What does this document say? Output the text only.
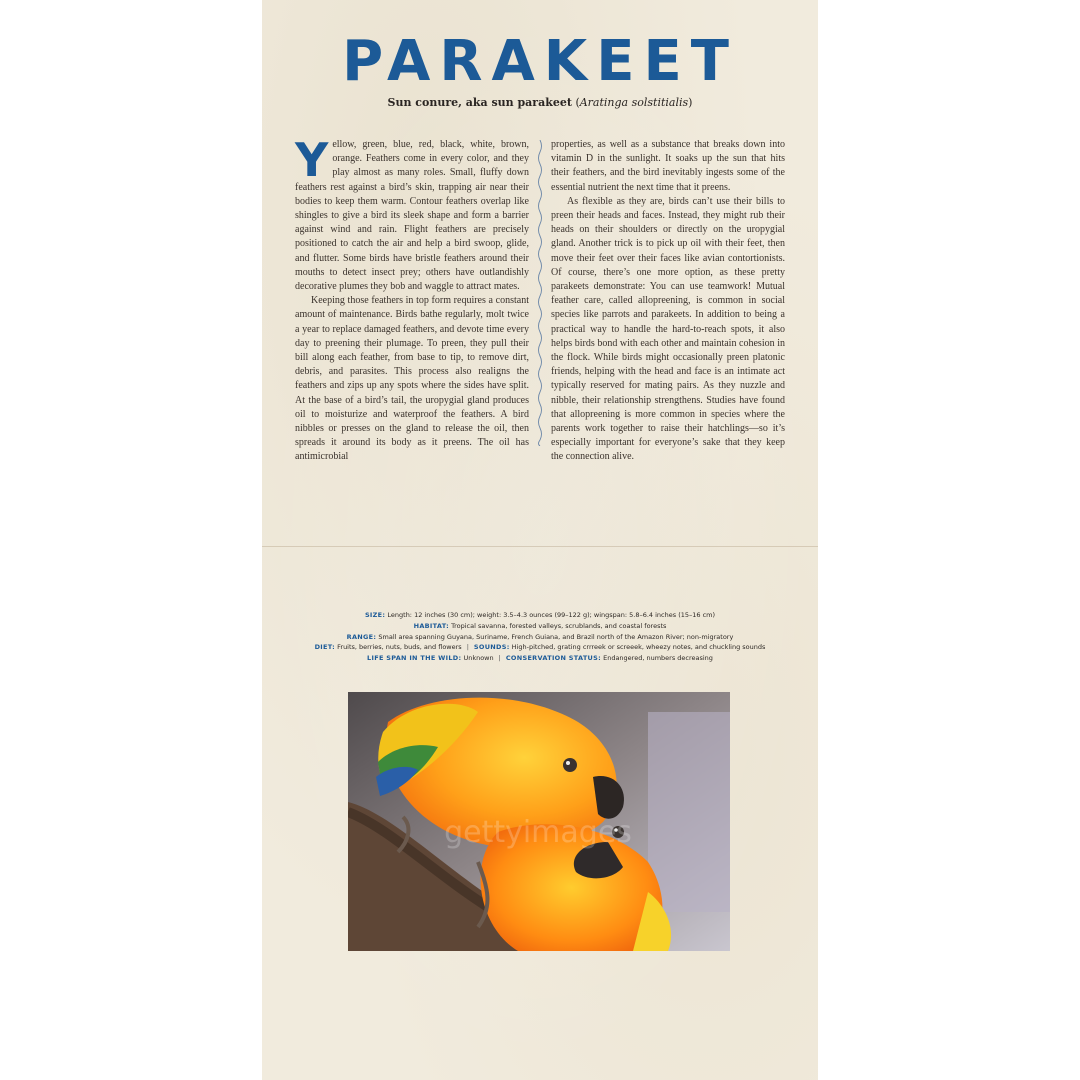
PARAKEET
Sun conure, aka sun parakeet (Aratinga solstitialis)

Yellow, green, blue, red, black, white, brown, orange. Feathers come in every color, and they play almost as many roles. Small, fluffy down feathers rest against a bird’s skin, trapping air near their bodies to keep them warm. Contour feathers overlap like shingles to give a bird its sleek shape and form a barrier against wind and rain. Flight feathers are precisely positioned to catch the air and help a bird swoop, glide, and flutter. Some birds have bristle feathers around their mouths to detect insect prey; others have outlandishly decorative plumes they bob and waggle to attract mates.

Keeping those feathers in top form requires a constant amount of maintenance. Birds bathe regularly, molt twice a year to replace damaged feathers, and devote time every day to preening their plumage. To preen, they pull their bill along each feather, from base to tip, to remove dirt, debris, and parasites. This process also realigns the feathers and zips up any spots where the sides have split. At the base of a bird’s tail, the uropygial gland produces oil to moisturize and waterproof the feathers. A bird nibbles or presses on the gland to release the oil, then spreads it around its body as it preens. The oil has antimicrobial

properties, as well as a substance that breaks down into vitamin D in the sunlight. It soaks up the sun that hits their feathers, and the bird inevitably ingests some of the essential nutrient the next time that it preens.

As flexible as they are, birds can’t use their bills to preen their heads and faces. Instead, they might rub their heads on their shoulders or directly on the uropygial gland. Another trick is to pick up oil with their feet, then move their feet over their faces like avian contortionists. Of course, there’s one more option, as these pretty parakeets demonstrate: You can use teamwork! Mutual feather care, called allopreening, is common in social species like parrots and parakeets. In addition to being a practical way to handle the hard-to-reach spots, it also helps birds bond with each other and maintain cohesion in the flock. While birds might occasionally preen platonic friends, helping with the head and face is an intimate act typically reserved for mating pairs. As they nuzzle and nibble, their relationship strengthens. Studies have found that allopreening is more common in species where the parents work together to raise their hatchlings—so it’s especially important for everyone’s sake that they keep the connection alive.

SIZE: Length: 12 inches (30 cm); weight: 3.5–4.3 ounces (99–122 g); wingspan: 5.8–6.4 inches (15–16 cm)
HABITAT: Tropical savanna, forested valleys, scrublands, and coastal forests
RANGE: Small area spanning Guyana, Suriname, French Guiana, and Brazil north of the Amazon River; non-migratory
DIET: Fruits, berries, nuts, buds, and flowers | SOUNDS: High-pitched, grating crrreek or screeek, wheezy notes, and chuckling sounds
LIFE SPAN IN THE WILD: Unknown | CONSERVATION STATUS: Endangered, numbers decreasing
gettyimages
